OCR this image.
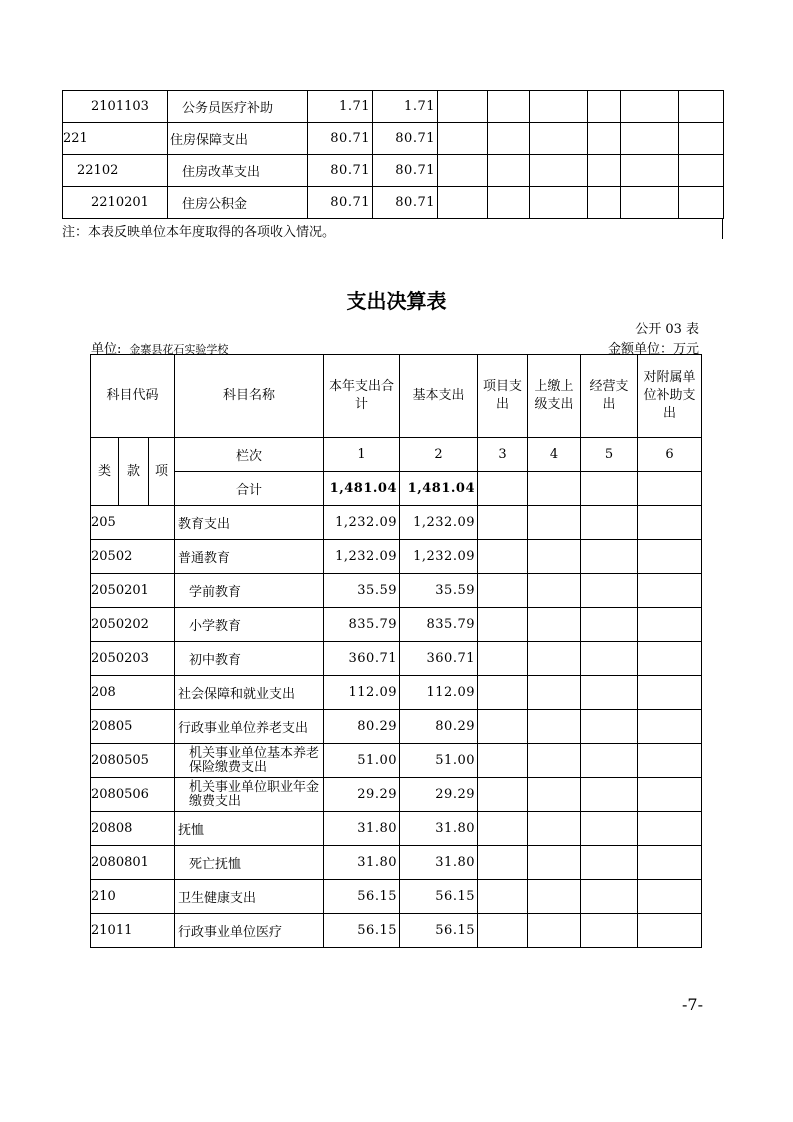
2101103	公务员医疗补助	1.71	1.71						
221	住房保障支出	80.71	80.71						
22102	住房改革支出	80.71	80.71						
2210201	住房公积金	80.71	80.71						
注：本表反映单位本年度取得的各项收入情况。
支出决算表
公开 03 表
单位: 金寨县花石实验学校	金额单位：万元
科目代码			科目名称	本年支出合计	基本支出	项目支出	上缴上级支出	经营支出	对附属单位补助支出
类	款	项	栏次	1	2	3	4	5	6
			合计	1,481.04	1,481.04				
205			教育支出	1,232.09	1,232.09				
20502			普通教育	1,232.09	1,232.09				
2050201			学前教育	35.59	35.59				
2050202			小学教育	835.79	835.79				
2050203			初中教育	360.71	360.71				
208			社会保障和就业支出	112.09	112.09				
20805			行政事业单位养老支出	80.29	80.29				
2080505			机关事业单位基本养老保险缴费支出	51.00	51.00				
2080506			机关事业单位职业年金缴费支出	29.29	29.29				
20808			抚恤	31.80	31.80				
2080801			死亡抚恤	31.80	31.80				
210			卫生健康支出	56.15	56.15				
21011			行政事业单位医疗	56.15	56.15				
-7-
